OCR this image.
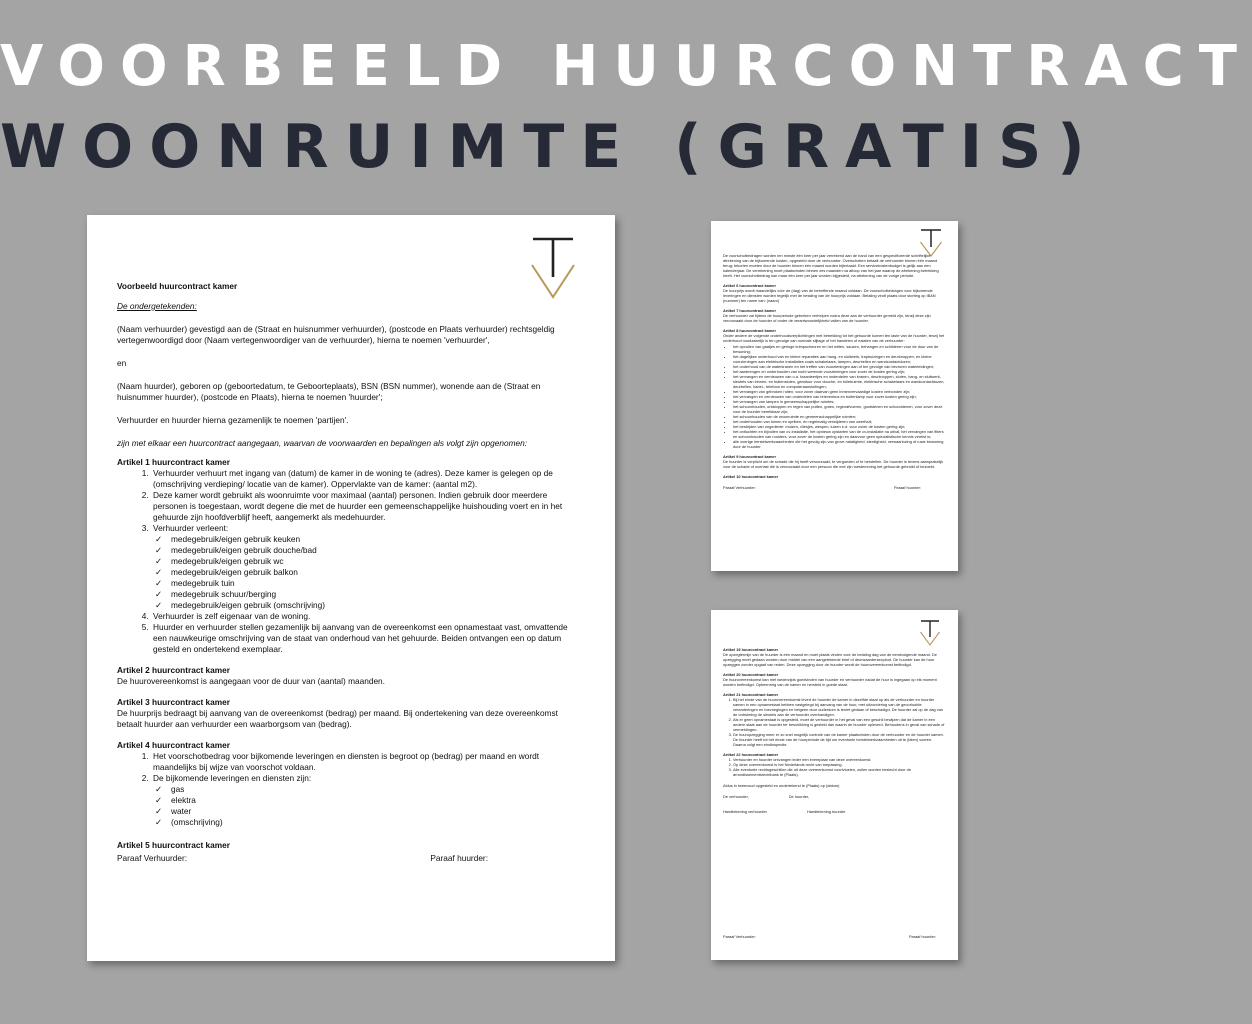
VOORBEELD HUURCONTRACT
WOONRUIMTE (GRATIS)

Voorbeeld huurcontract kamer

De ondergetekenden:

(Naam verhuurder) gevestigd aan de (Straat en huisnummer verhuurder), (postcode en Plaats verhuurder) rechtsgeldig vertegenwoordigd door (Naam vertegenwoordiger van de verhuurder), hierna te noemen 'verhuurder',

en

(Naam huurder), geboren op (geboortedatum, te Geboorteplaats), BSN (BSN nummer), wonende aan de (Straat en huisnummer huurder), (postcode en Plaats), hierna te noemen 'huurder';

Verhuurder en huurder hierna gezamenlijk te noemen 'partijen'.

zijn met elkaar een huurcontract aangegaan, waarvan de voorwaarden en bepalingen als volgt zijn opgenomen:

Artikel 1 huurcontract kamer
1. Verhuurder verhuurt met ingang van (datum) de kamer in de woning te (adres). Deze kamer is gelegen op de (omschrijving verdieping/ locatie van de kamer). Oppervlakte van de kamer: (aantal m2).
2. Deze kamer wordt gebruikt als woonruimte voor maximaal (aantal) personen. Indien gebruik door meerdere personen is toegestaan, wordt degene die met de huurder een gemeenschappelijke huishouding voert en in het gehuurde zijn hoofdverblijf heeft, aangemerkt als medehuurder.
3. Verhuurder verleent:
✓ medegebruik/eigen gebruik keuken
✓ medegebruik/eigen gebruik douche/bad
✓ medegebruik/eigen gebruik wc
✓ medegebruik/eigen gebruik balkon
✓ medegebruik tuin
✓ medegebruik schuur/berging
✓ medegebruik/eigen gebruik (omschrijving)
4. Verhuurder is zelf eigenaar van de woning.
5. Huurder en verhuurder stellen gezamenlijk bij aanvang van de overeenkomst een opnamestaat vast, omvattende een nauwkeurige omschrijving van de staat van onderhoud van het gehuurde. Beiden ontvangen een op datum gesteld en ondertekend exemplaar.
Artikel 2 huurcontract kamer

De huurovereenkomst is aangegaan voor de duur van (aantal) maanden.

Artikel 3 huurcontract kamer

De huurprijs bedraagt bij aanvang van de overeenkomst (bedrag) per maand. Bij ondertekening van deze overeenkomst betaalt huurder aan verhuurder een waarborgsom van (bedrag).

Artikel 4 huurcontract kamer
1. Het voorschotbedrag voor bijkomende leveringen en diensten is begroot op (bedrag) per maand en wordt maandelijks bij wijze van voorschot voldaan.
2. De bijkomende leveringen en diensten zijn:
✓ gas
✓ elektra
✓ water
✓ (omschrijving)
Artikel 5 huurcontract kamer
Paraaf Verhuurder:	Paraaf huurder:

De voorschotbedragen worden ten minste één keer per jaar verrekend aan de hand van een gespecificeerde schriftelijke afrekening van de bijkomende kosten, opgesteld door de verhuurder. Overschotten betaalt de verhuurder binnen één maand terug; tekorten moeten door de huurder binnen één maand worden bijbetaald. Een servicekostenbudget is gelijk aan een kalenderjaar. De verrekening moet plaatsvinden binnen zes maanden na afloop van het jaar waarop de afrekening betrekking heeft. Het voorschotbedrag kan maar één keer per jaar worden bijgesteld, na afrekening van de vorige periode.

Artikel 6 huurcontract kamer

De huurprijs wordt maandelijks vóór de (dag) van de betreffende maand voldaan. De voorschotbedragen voor bijkomende leveringen en diensten worden tegelijk met de betaling van de huurprijs voldaan. Betaling vindt plaats door storting op IBAN (nummer) ten name van: (naam)

Artikel 7 huurcontract kamer

De verhuurder zal tijdens de huurperiode gebreken verhelpen zodra deze aan de verhuurder gemeld zijn, tenzij deze zijn veroorzaakt door de huurder of onder de verantwoordelijkheid vallen van de huurder.

Artikel 8 huurcontract kamer

Onder andere de volgende onderhoudsverplichtingen met betrekking tot het gehuurde komen ten laste van de huurder, tenzij het onderhoud noodzakelijk is ten gevolge van normale slijtage of het handelen of nalaten van de verhuurder:

• het opvullen van gaatjes en geringe krimpscheuren en het witten, sauzen, behangen en schilderen voor de duur van de bewoning;
• het dagelijkse onderhoud van en kleine reparaties aan hang- en sluitwerk, trapbuizingen en deurknoppen, en kleine voorzieningen aan elektrische installaties zoals schakelaars, lampen, deurbellen en wandcontactdozen;
• het onderhoud van de waterkranen en het treffen van voorzieningen aan of ten gevolge van bevroren waterleidingen;
• het aanbrengen en onderhouden van tocht werende voorzieningen voor zover de kosten gering zijn;
• het vervangen en vernieuwen van o.a. kraanleertjes en onderdelen van kranen, deurknoppen, sloten, hang- en sluitwerk, sleutels van binnen- en buitensloten, garnituur voor douche- en toiletruimte, elektrische schakelaars en wandcontactdozen, deurbellen, kabel-, telefoon en computeraansluitingen;
• het vervangen van gebroken ruiten, voor zover daarvan geen inmenvervaardige kosten verbonden zijn;
• het vervangen en vernieuwen van onderdelen van brievenbus en buitenlamp voor zover kosten gering zijn;
• het vervangen van lampen in gemeenschappelijke ruimtes;
• het schoonhouden, ontstoppen en regen van putten, goten, regenafvoeren, gootstenen en schoorstenen, voor zover deze voor de huurder bereikbaar zijn;
• het schoonhouden van de woonruimte en gemeenschappelijke ruimten;
• het onderhouden van tuinen en opritten, en regelmatig verwijderen van zwerfvuil;
• het bestrijden van ongedierte: muizen, vliesjes, wespen, luizen e.d. voor zover de kosten gering zijn;
• het ontluchten en bijvullen van cv-installatie, het opnieuw opstarten van de cv-installatie na uitval, het vervangen van filters en schoonhouden van roosters, voor zover de kosten gering zijn en daarvoor geen specialistische kennis vereist is;
• alle overige herstelwerkzaamheden die het gevolg zijn van grove nalatigheid, sterdigheid, verwaarlozing of ruwe bewoning door de huurder.
Artikel 9 huurcontract kamer

De huurder is verplicht om de schade die hij heeft veroorzaakt, te vergoeden of te herstellen. De huurder is tevens aansprakelijk voor de schade of overlast die is veroorzaakt door een persoon die met zijn toestemming het gehuurde gebruikt of bezoekt.

Artikel 10 huurcontract kamer
Paraaf Verhuurder:	Paraaf huurder:
Artikel 19 huurcontract kamer

De opzegtermijn van de huurder is één maand en moet plaats vinden vóór de betaling dag van de eerstvolgende maand. De opzegging moet gedaan worden door middel van een aangetekende brief of deurwaardersexploot. De huurder kan de huur opzeggen zonder opgaaf van reden. Deze opzegging door de huurder wordt de huurovereenkomst beëindigd.

Artikel 20 huurcontract kamer

De huurovereenkomst kan met wederzijds goedvinden van huurder en verhuurder nadat de huur is ingegaan op elk moment worden beëindigd. Opbeenring van de kamer en hersteld in goede staat.

Artikel 21 huurcontract kamer
1. Bij het einde van de huurovereenkomst levert de huurder de kamer in dezelfde staat op als de verhuurder en huurder samen in een opnamestaat hebben vastgelegd bij aanvang van de huur, met uitzondering van de geoorloofde veranderingen en toevoegingen en hetgeen door ouderdom is teniet gedaan of beschadigd. De huurder zal op de dag van de ontruiming de sleutels aan de verhuurder overhandigen.
2. Als er geen opnamestaat is opgesteld, moet de verhuurder in het geval van een geschil bewijzen dat de kamer in een andere staat aan de huurder ter beschikking is gesteld dan waarin de huurder opleverd. Behoudens in geval van schade of vermeldingen.
3. De huuropzegging meer er zo snel mogelijk controle van de kamer plaatsvinden door de verhuurder en de huurder samen. De huurder heeft tot het einde van de huurperiode de tijd om eventuele herstelwerkzaamheden uit te (laten) voeren. Daarna volgt een eindinspectie.
Artikel 22 huurcontract kamer
1. Verhuurder en huurder ontvangen ieder een exemplaar van deze overeenkomst.
2. Op deze overeenkomst is het Nederlands recht van toepassing.
3. Alle eventuele rechtsgeschillen die uit deze overeenkomst voortvloeien, zullen worden beslecht door de arrondissementsrechtbank te (Plaats).

Aldus in tweevoud opgesteld en ondertekend te (Plaats) op (datum)

De verhuurder,	De huurder,
Handtekening verhuurder	Handtekening huurder
Paraaf Verhuurder:	Paraaf huurder:
